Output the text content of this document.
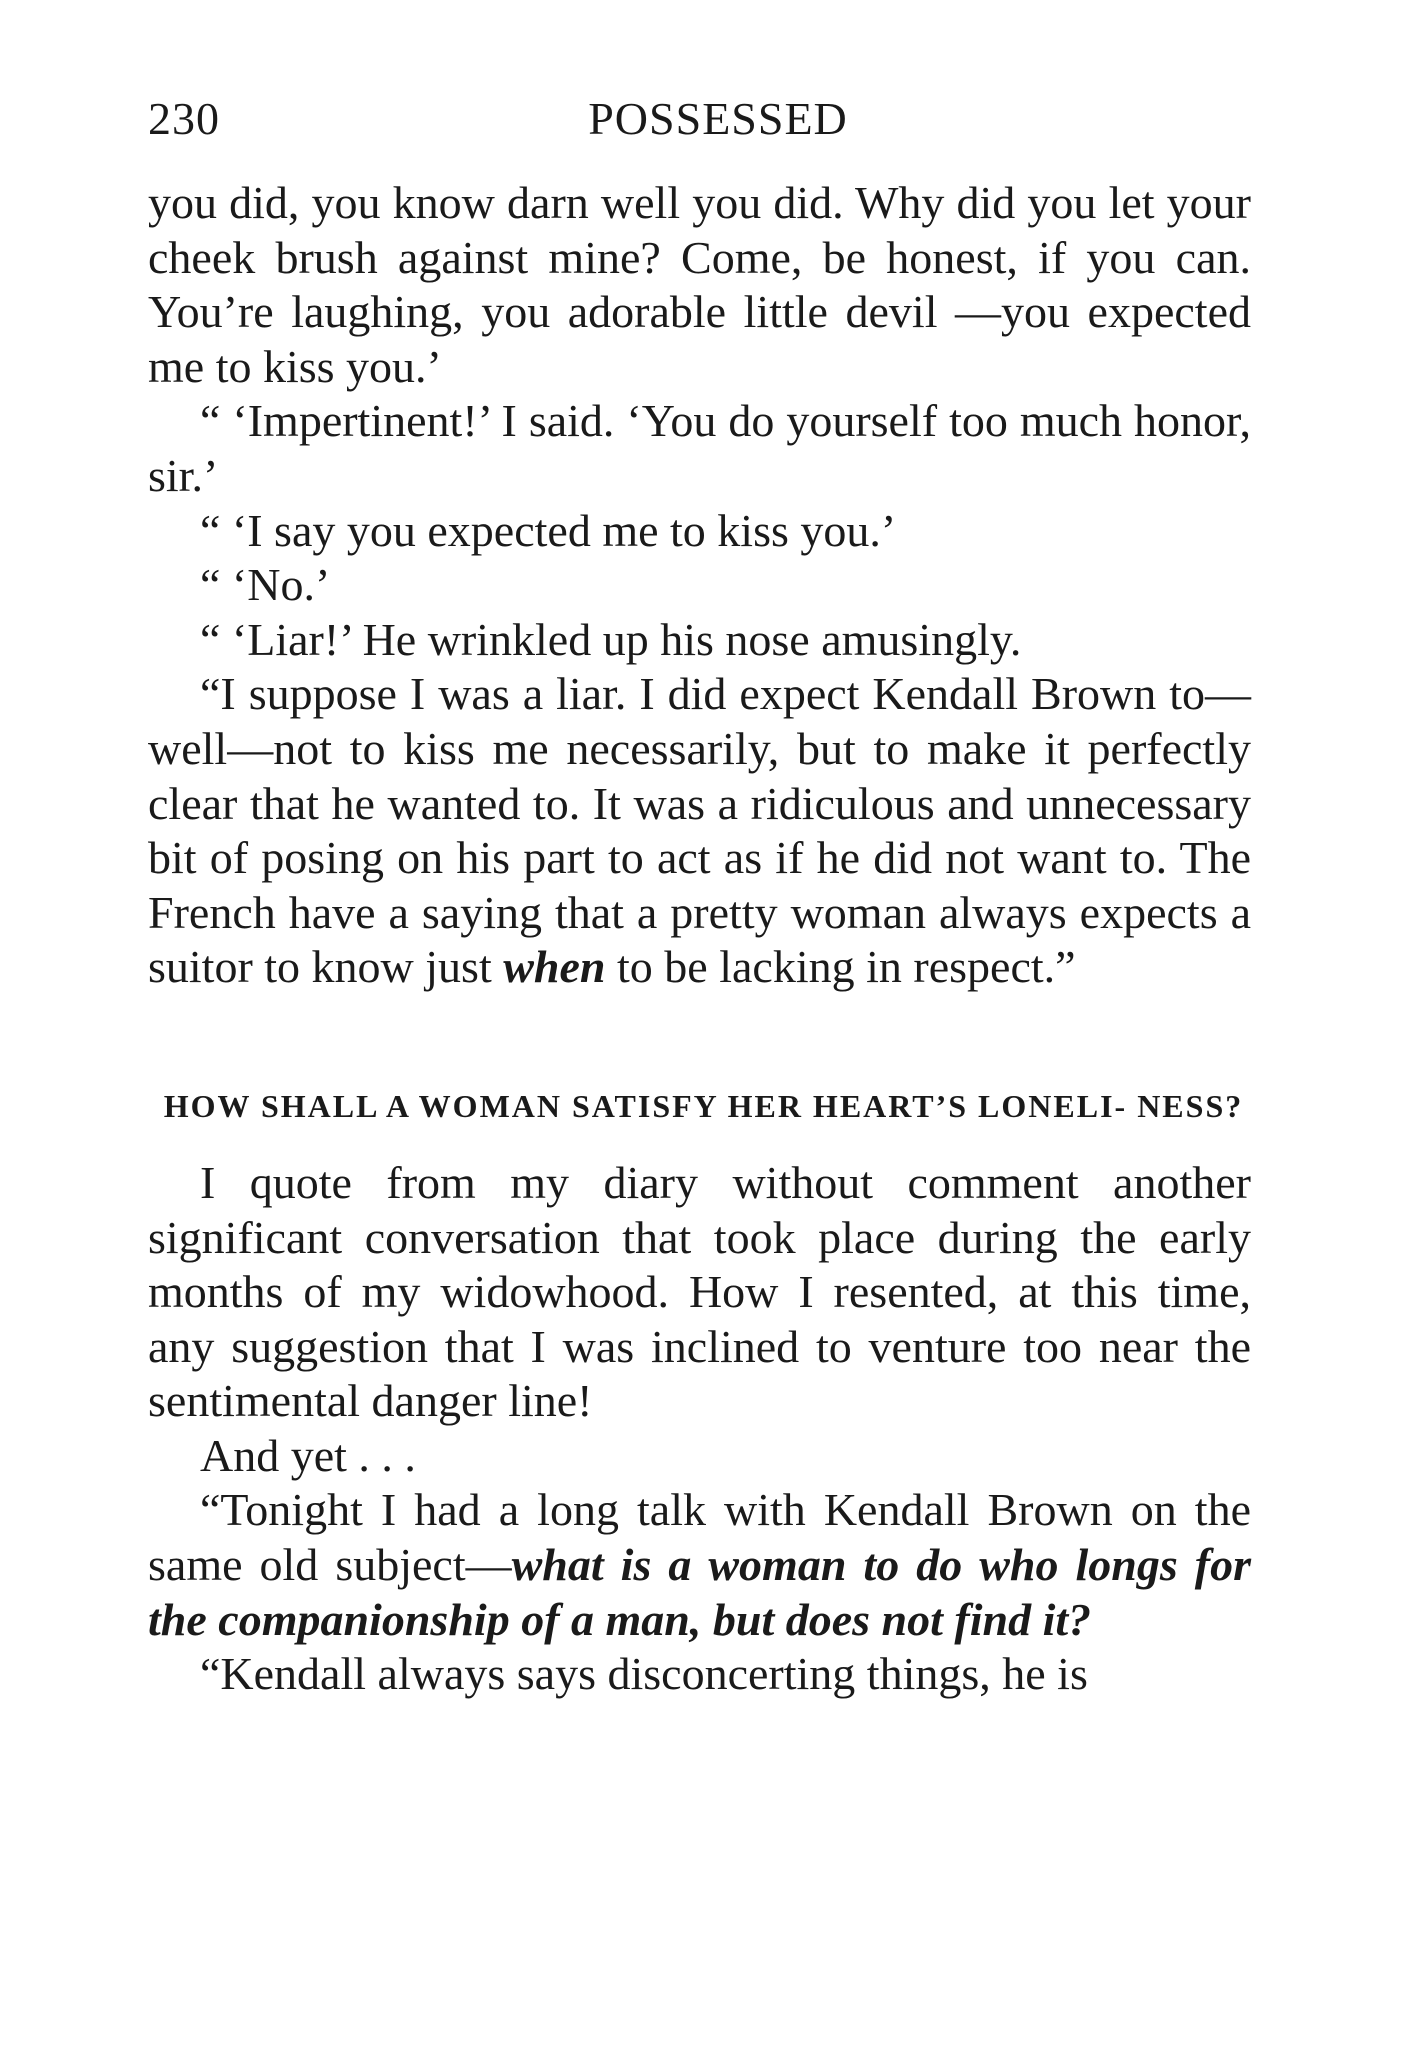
230	POSSESSED

you did, you know darn well you did. Why did you let your cheek brush against mine? Come, be honest, if you can. You’re laughing, you adorable little devil —you expected me to kiss you.’

“ ‘Impertinent!’ I said. ‘You do yourself too much honor, sir.’

“ ‘I say you expected me to kiss you.’

“ ‘No.’

“ ‘Liar!’ He wrinkled up his nose amusingly.

“I suppose I was a liar. I did expect Kendall Brown to—well—not to kiss me necessarily, but to make it perfectly clear that he wanted to. It was a ridiculous and unnecessary bit of posing on his part to act as if he did not want to. The French have a saying that a pretty woman always expects a suitor to know just when to be lacking in respect.”

HOW SHALL A WOMAN SATISFY HER HEART’S LONELI- NESS?

I quote from my diary without comment another significant conversation that took place during the early months of my widowhood. How I resented, at this time, any suggestion that I was inclined to venture too near the sentimental danger line!

And yet . . .

“Tonight I had a long talk with Kendall Brown on the same old subject—what is a woman to do who longs for the companionship of a man, but does not find it?

“Kendall always says disconcerting things, he is
